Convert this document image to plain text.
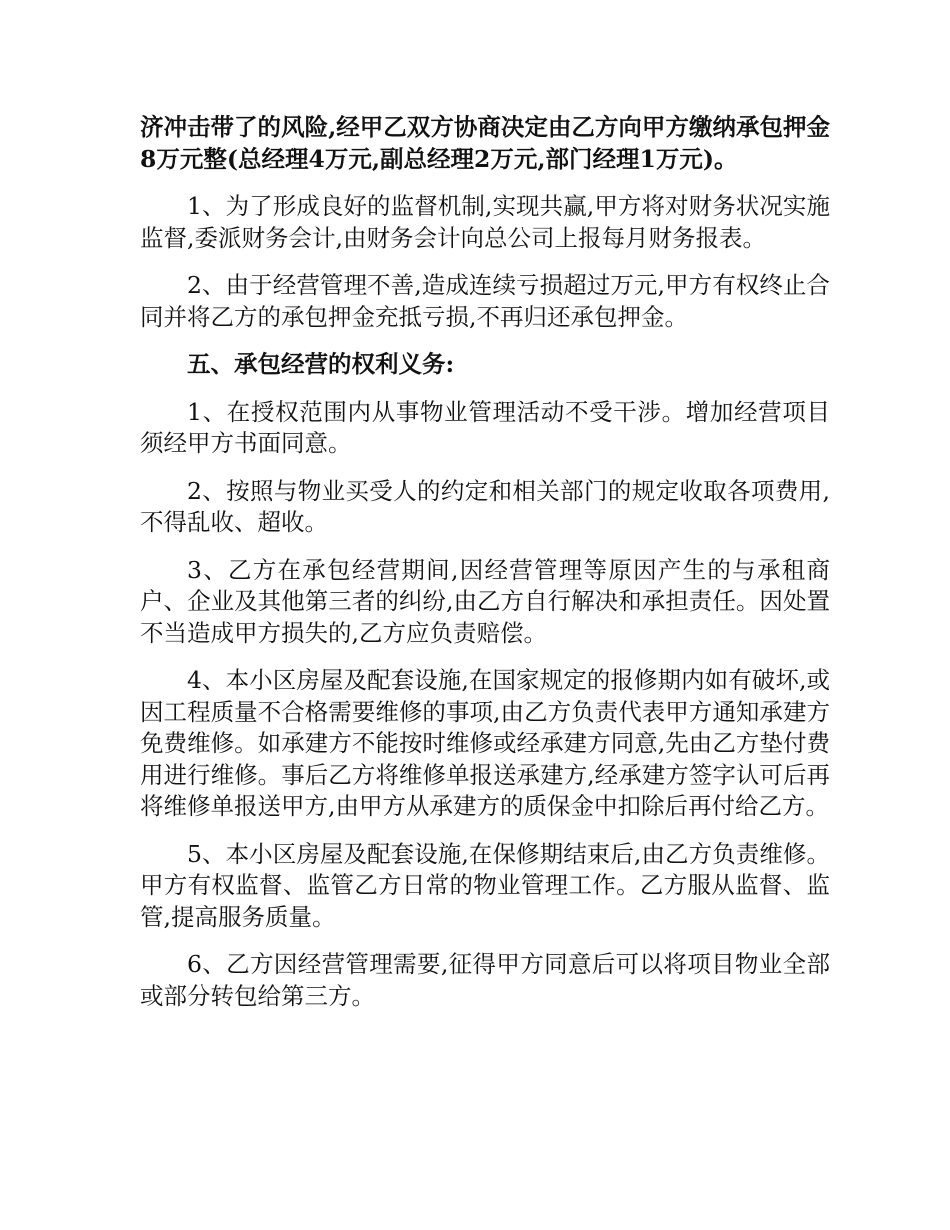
济冲击带了的风险,经甲乙双方协商决定由乙方向甲方缴纳承包押金8万元整(总经理4万元,副总经理2万元,部门经理1万元)。

1、为了形成良好的监督机制,实现共赢,甲方将对财务状况实施监督,委派财务会计,由财务会计向总公司上报每月财务报表。

2、由于经营管理不善,造成连续亏损超过万元,甲方有权终止合同并将乙方的承包押金充抵亏损,不再归还承包押金。

五、承包经营的权利义务:

1、在授权范围内从事物业管理活动不受干涉。增加经营项目须经甲方书面同意。

2、按照与物业买受人的约定和相关部门的规定收取各项费用,不得乱收、超收。

3、乙方在承包经营期间,因经营管理等原因产生的与承租商户、企业及其他第三者的纠纷,由乙方自行解决和承担责任。因处置不当造成甲方损失的,乙方应负责赔偿。

4、本小区房屋及配套设施,在国家规定的报修期内如有破坏,或因工程质量不合格需要维修的事项,由乙方负责代表甲方通知承建方免费维修。如承建方不能按时维修或经承建方同意,先由乙方垫付费用进行维修。事后乙方将维修单报送承建方,经承建方签字认可后再将维修单报送甲方,由甲方从承建方的质保金中扣除后再付给乙方。

5、本小区房屋及配套设施,在保修期结束后,由乙方负责维修。甲方有权监督、监管乙方日常的物业管理工作。乙方服从监督、监管,提高服务质量。

6、乙方因经营管理需要,征得甲方同意后可以将项目物业全部或部分转包给第三方。
